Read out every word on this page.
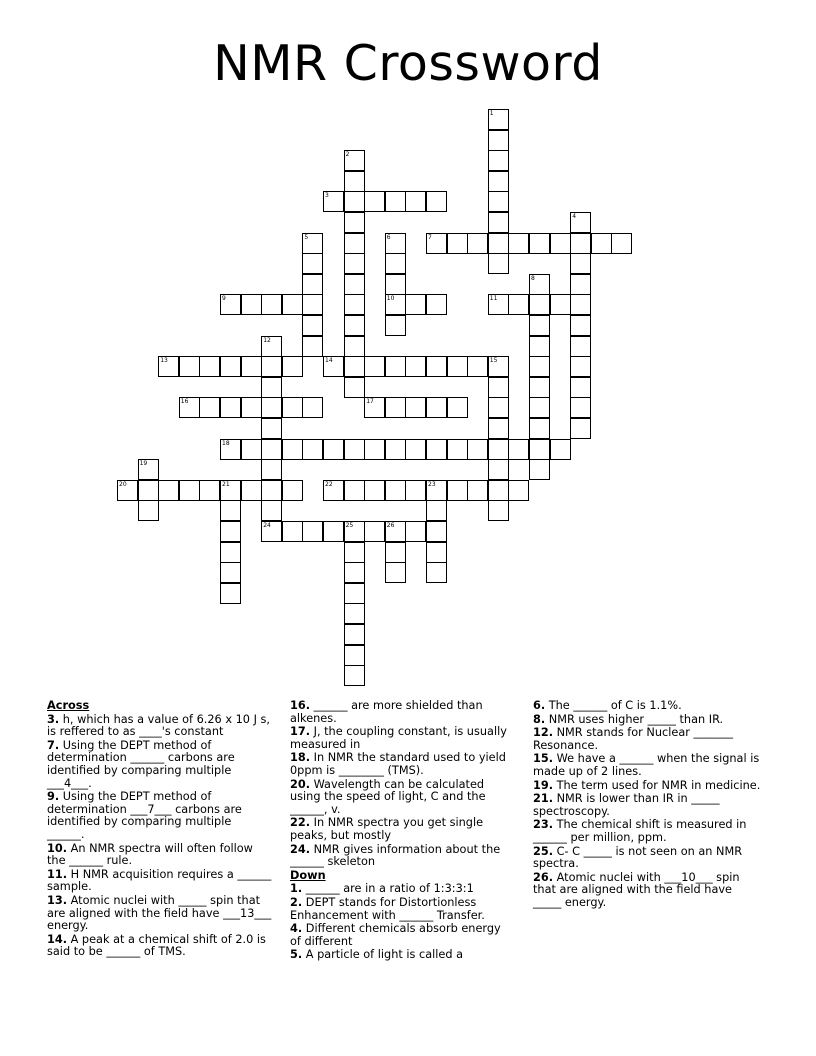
NMR Crossword
3
7
9	10	11
13	14	15
16	17
18
20	21	22	23
24	25	26
1
2
4
5	6
8
12
19
Across
3. h, which has a value of 6.26 x 10 J s, is reffered to as ____'s constant
7. Using the DEPT method of determination ______ carbons are identified by comparing multiple ___4___.
9. Using the DEPT method of determination ___7___ carbons are identified by comparing multiple ______.
10. An NMR spectra will often follow the ______ rule.
11. H NMR acquisition requires a ______ sample.
13. Atomic nuclei with _____ spin that are aligned with the field have ___13___ energy.
14. A peak at a chemical shift of 2.0 is said to be ______ of TMS.
16. ______ are more shielded than alkenes.
17. J, the coupling constant, is usually measured in
18. In NMR the standard used to yield 0ppm is ________ (TMS).
20. Wavelength can be calculated using the speed of light, C and the ______, v.
22. In NMR spectra you get single peaks, but mostly
24. NMR gives information about the ______ skeleton
Down
1. ______ are in a ratio of 1:3:3:1
2. DEPT stands for Distortionless Enhancement with ______ Transfer.
4. Different chemicals absorb energy of different
5. A particle of light is called a
6. The ______ of C is 1.1%.
8. NMR uses higher _____ than IR.
12. NMR stands for Nuclear _______ Resonance.
15. We have a ______ when the signal is made up of 2 lines.
19. The term used for NMR in medicine.
21. NMR is lower than IR in _____ spectroscopy.
23. The chemical shift is measured in ______ per million, ppm.
25. C- C _____ is not seen on an NMR spectra.
26. Atomic nuclei with ___10___ spin that are aligned with the field have _____ energy.
